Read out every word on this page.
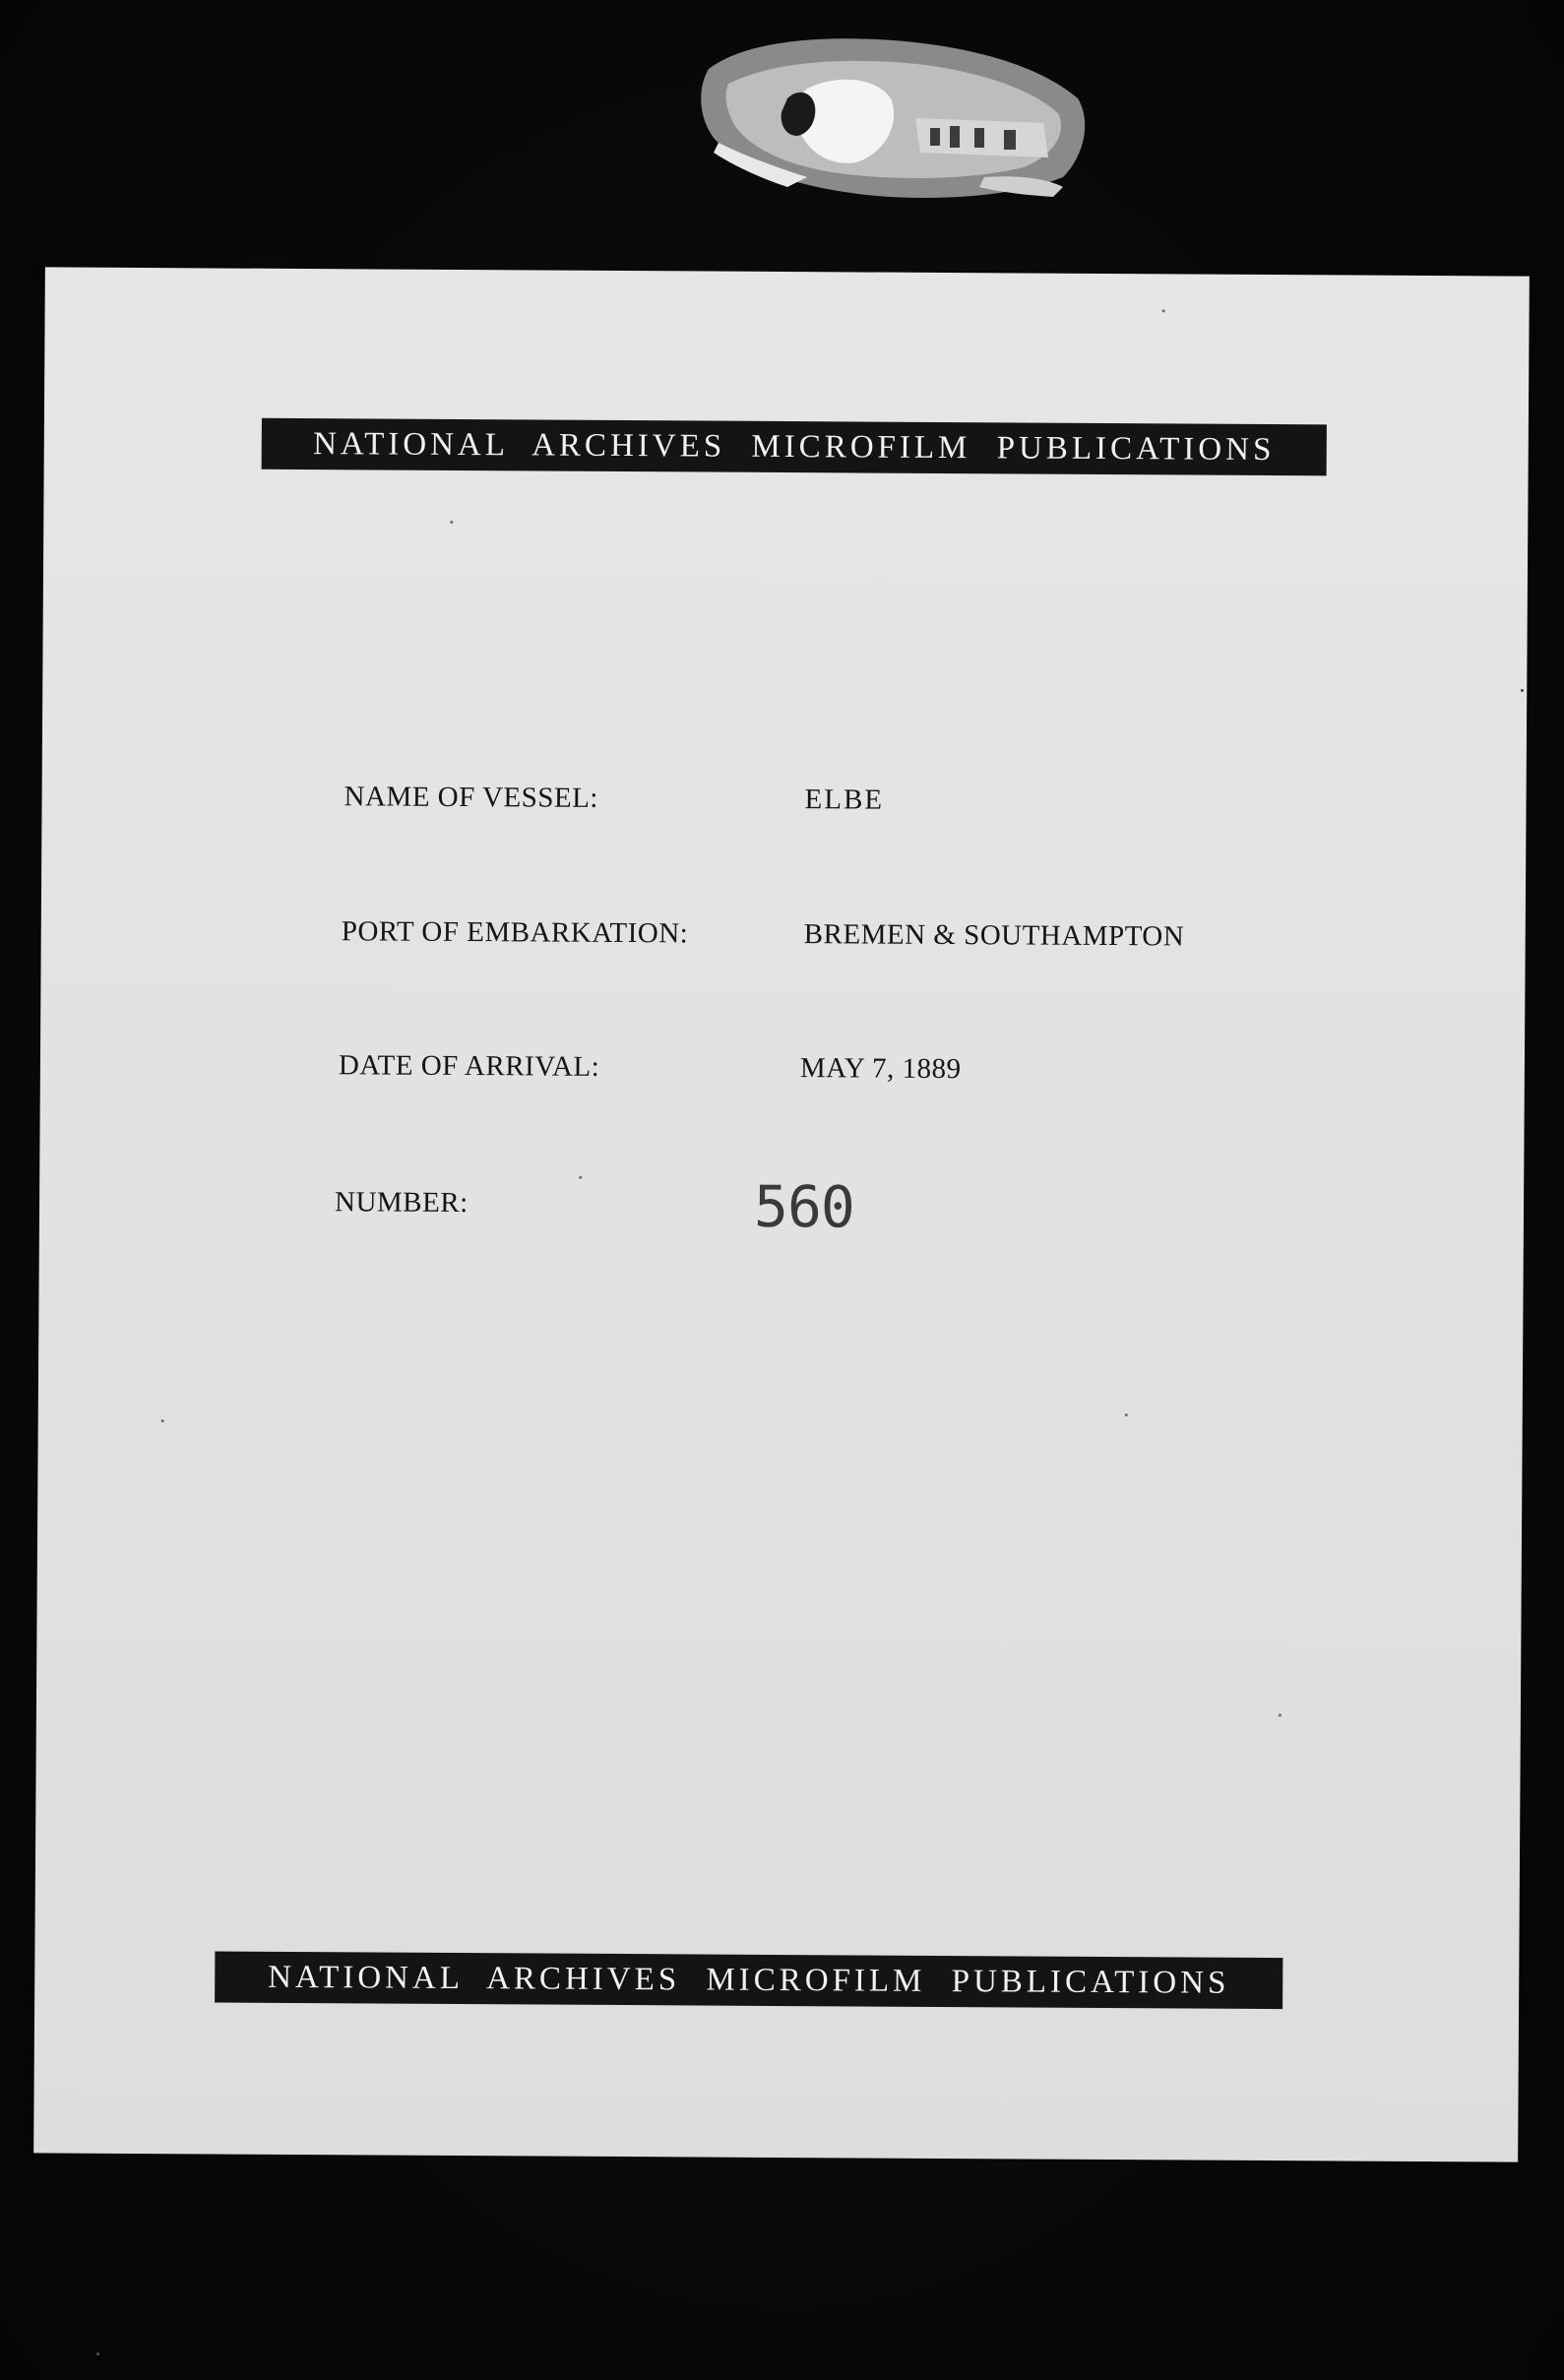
NATIONAL ARCHIVES MICROFILM PUBLICATIONS
NAME OF VESSEL:	ELBE
PORT OF EMBARKATION:	BREMEN & SOUTHAMPTON
DATE OF ARRIVAL:	MAY 7, 1889
NUMBER:	560
NATIONAL ARCHIVES MICROFILM PUBLICATIONS
